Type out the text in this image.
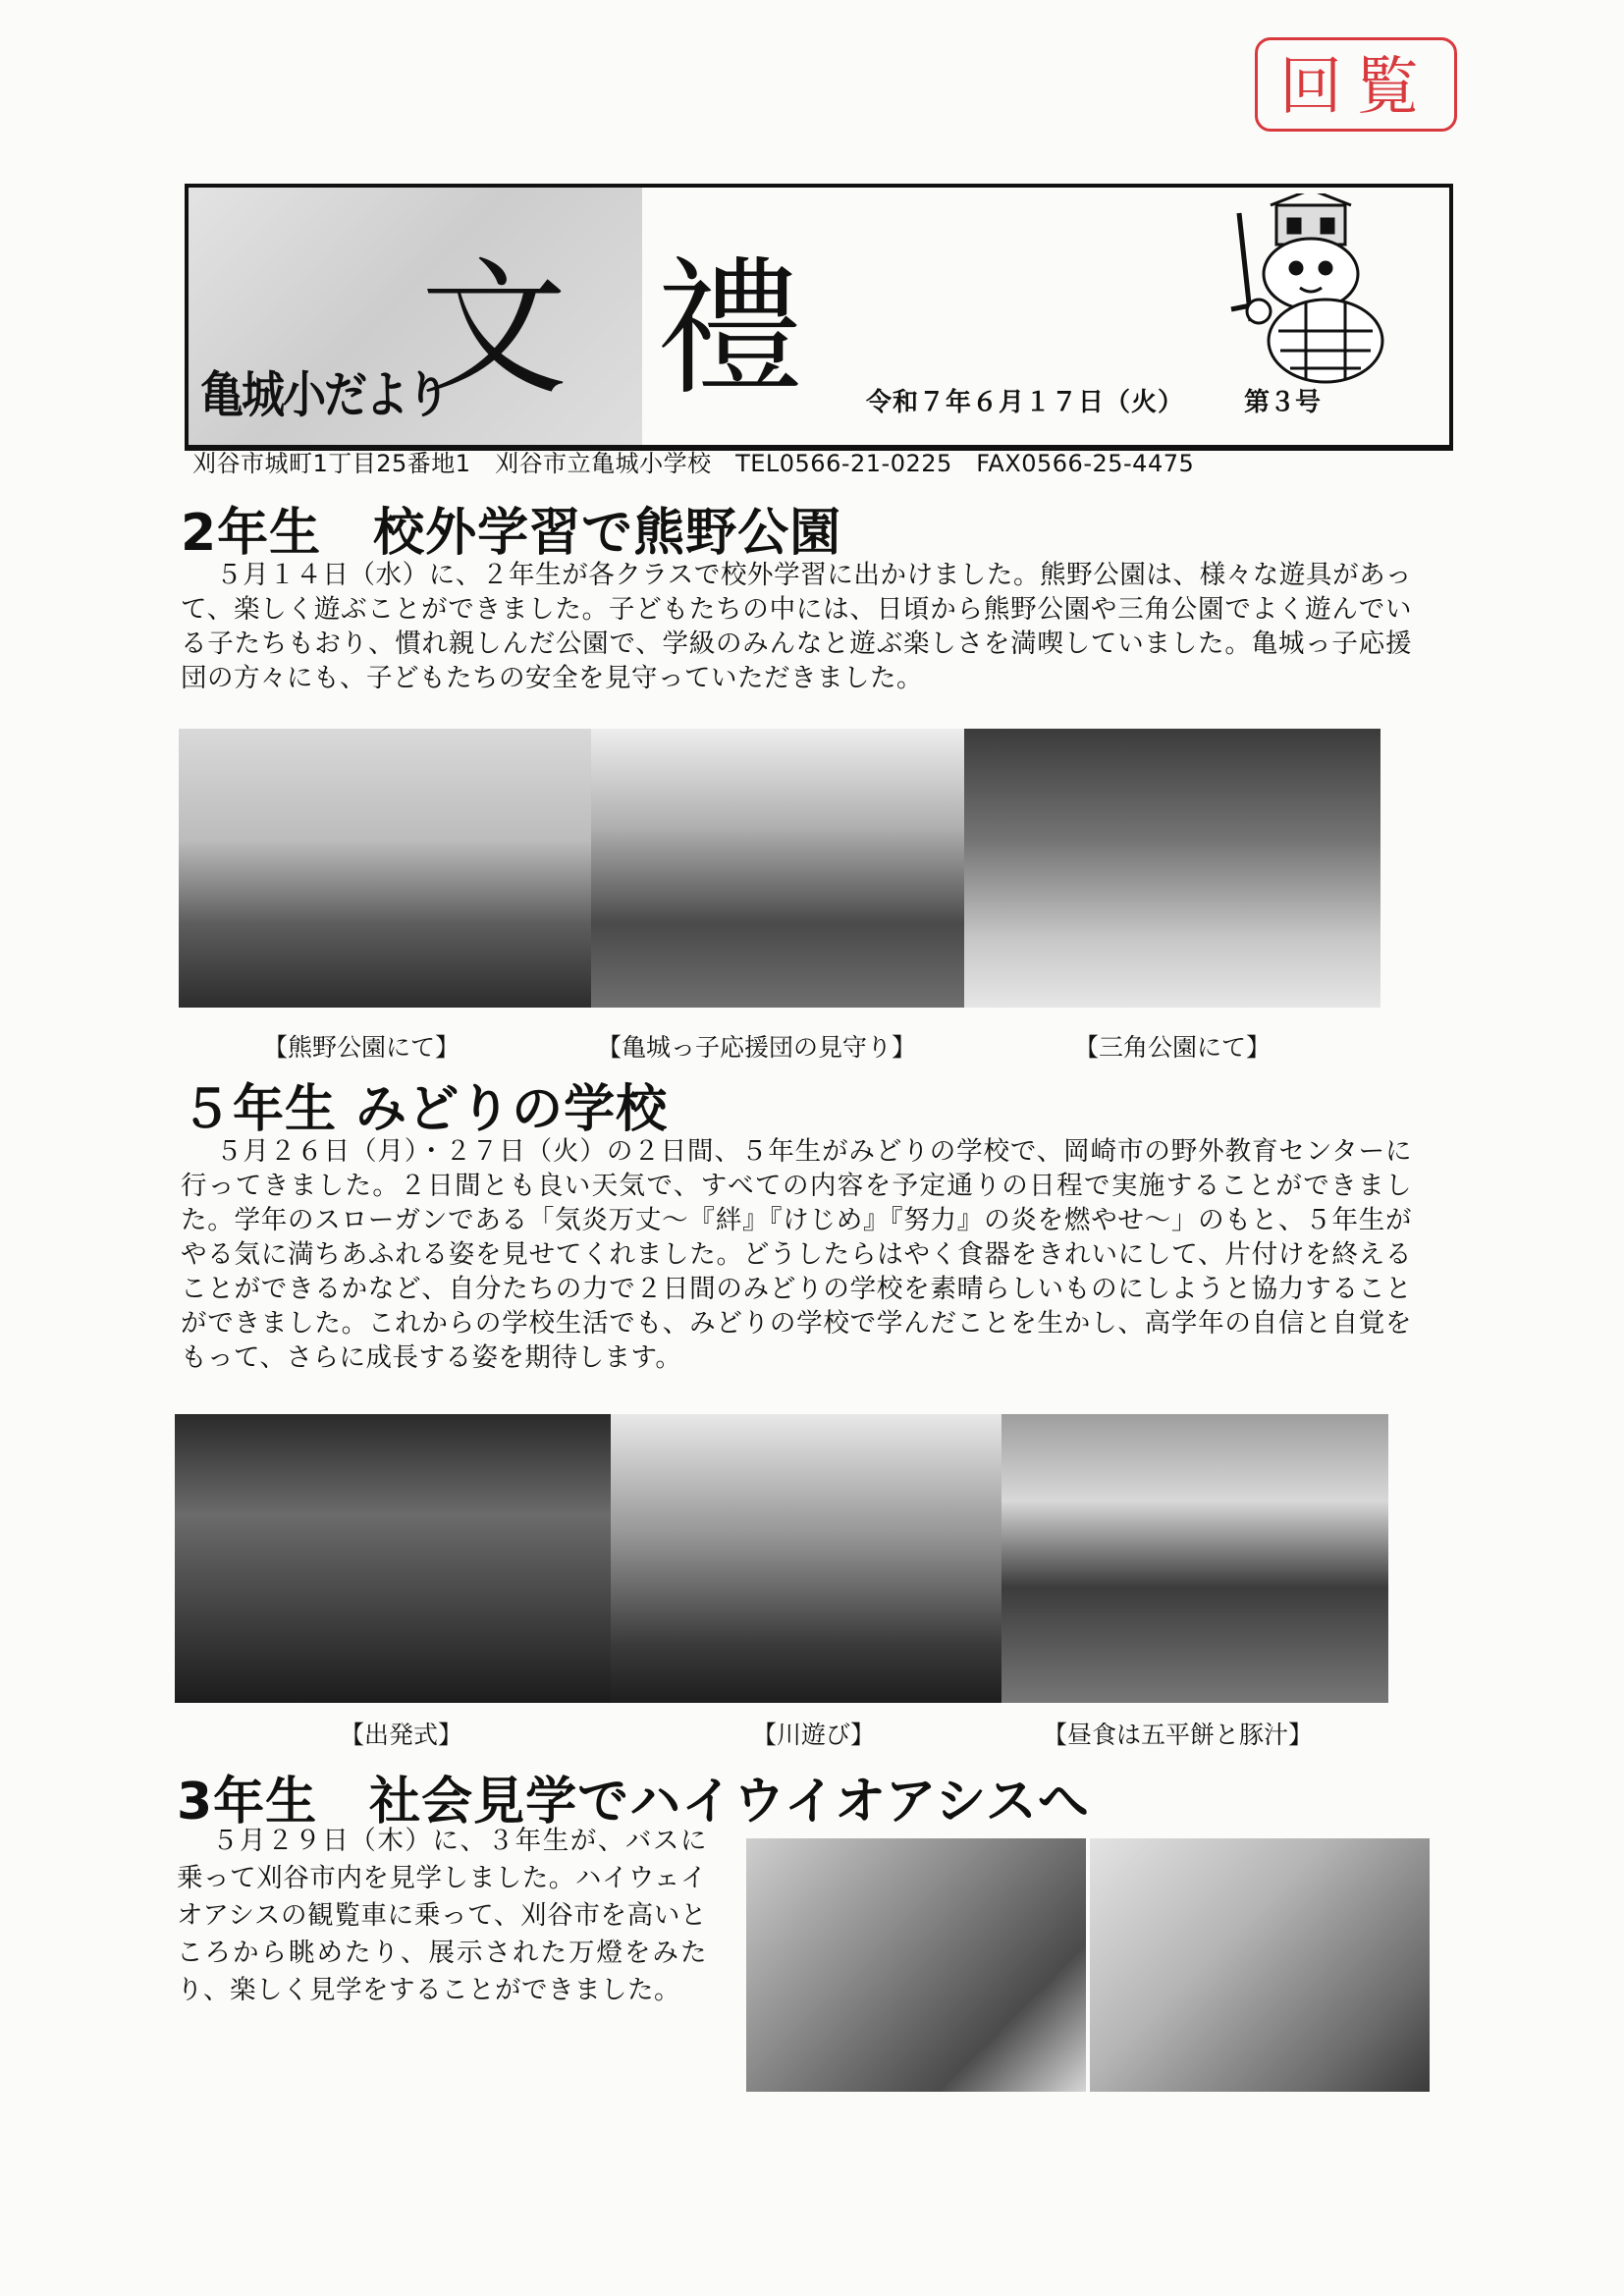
回覧
亀城小だより
文禮
令和７年６月１７日（火） 第３号
刈谷市城町1丁目25番地1　刈谷市立亀城小学校　TEL0566-21-0225　FAX0566-25-4475
2年生　校外学習で熊野公園
５月１４日（水）に、２年生が各クラスで校外学習に出かけました。熊野公園は、様々な遊具があって、楽しく遊ぶことができました。子どもたちの中には、日頃から熊野公園や三角公園でよく遊んでいる子たちもおり、慣れ親しんだ公園で、学級のみんなと遊ぶ楽しさを満喫していました。亀城っ子応援団の方々にも、子どもたちの安全を見守っていただきました。
【熊野公園にて】	【亀城っ子応援団の見守り】	【三角公園にて】
５年生 みどりの学校
５月２６日（月）・２７日（火）の２日間、５年生がみどりの学校で、岡崎市の野外教育センターに行ってきました。２日間とも良い天気で、すべての内容を予定通りの日程で実施することができました。学年のスローガンである「気炎万丈～『絆』『けじめ』『努力』の炎を燃やせ～」のもと、５年生がやる気に満ちあふれる姿を見せてくれました。どうしたらはやく食器をきれいにして、片付けを終えることができるかなど、自分たちの力で２日間のみどりの学校を素晴らしいものにしようと協力することができました。これからの学校生活でも、みどりの学校で学んだことを生かし、高学年の自信と自覚をもって、さらに成長する姿を期待します。
【出発式】	【川遊び】	【昼食は五平餅と豚汁】
3年生　社会見学でハイウイオアシスへ
５月２９日（木）に、３年生が、バスに乗って刈谷市内を見学しました。ハイウェイオアシスの観覧車に乗って、刈谷市を高いところから眺めたり、展示された万燈をみたり、楽しく見学をすることができました。
